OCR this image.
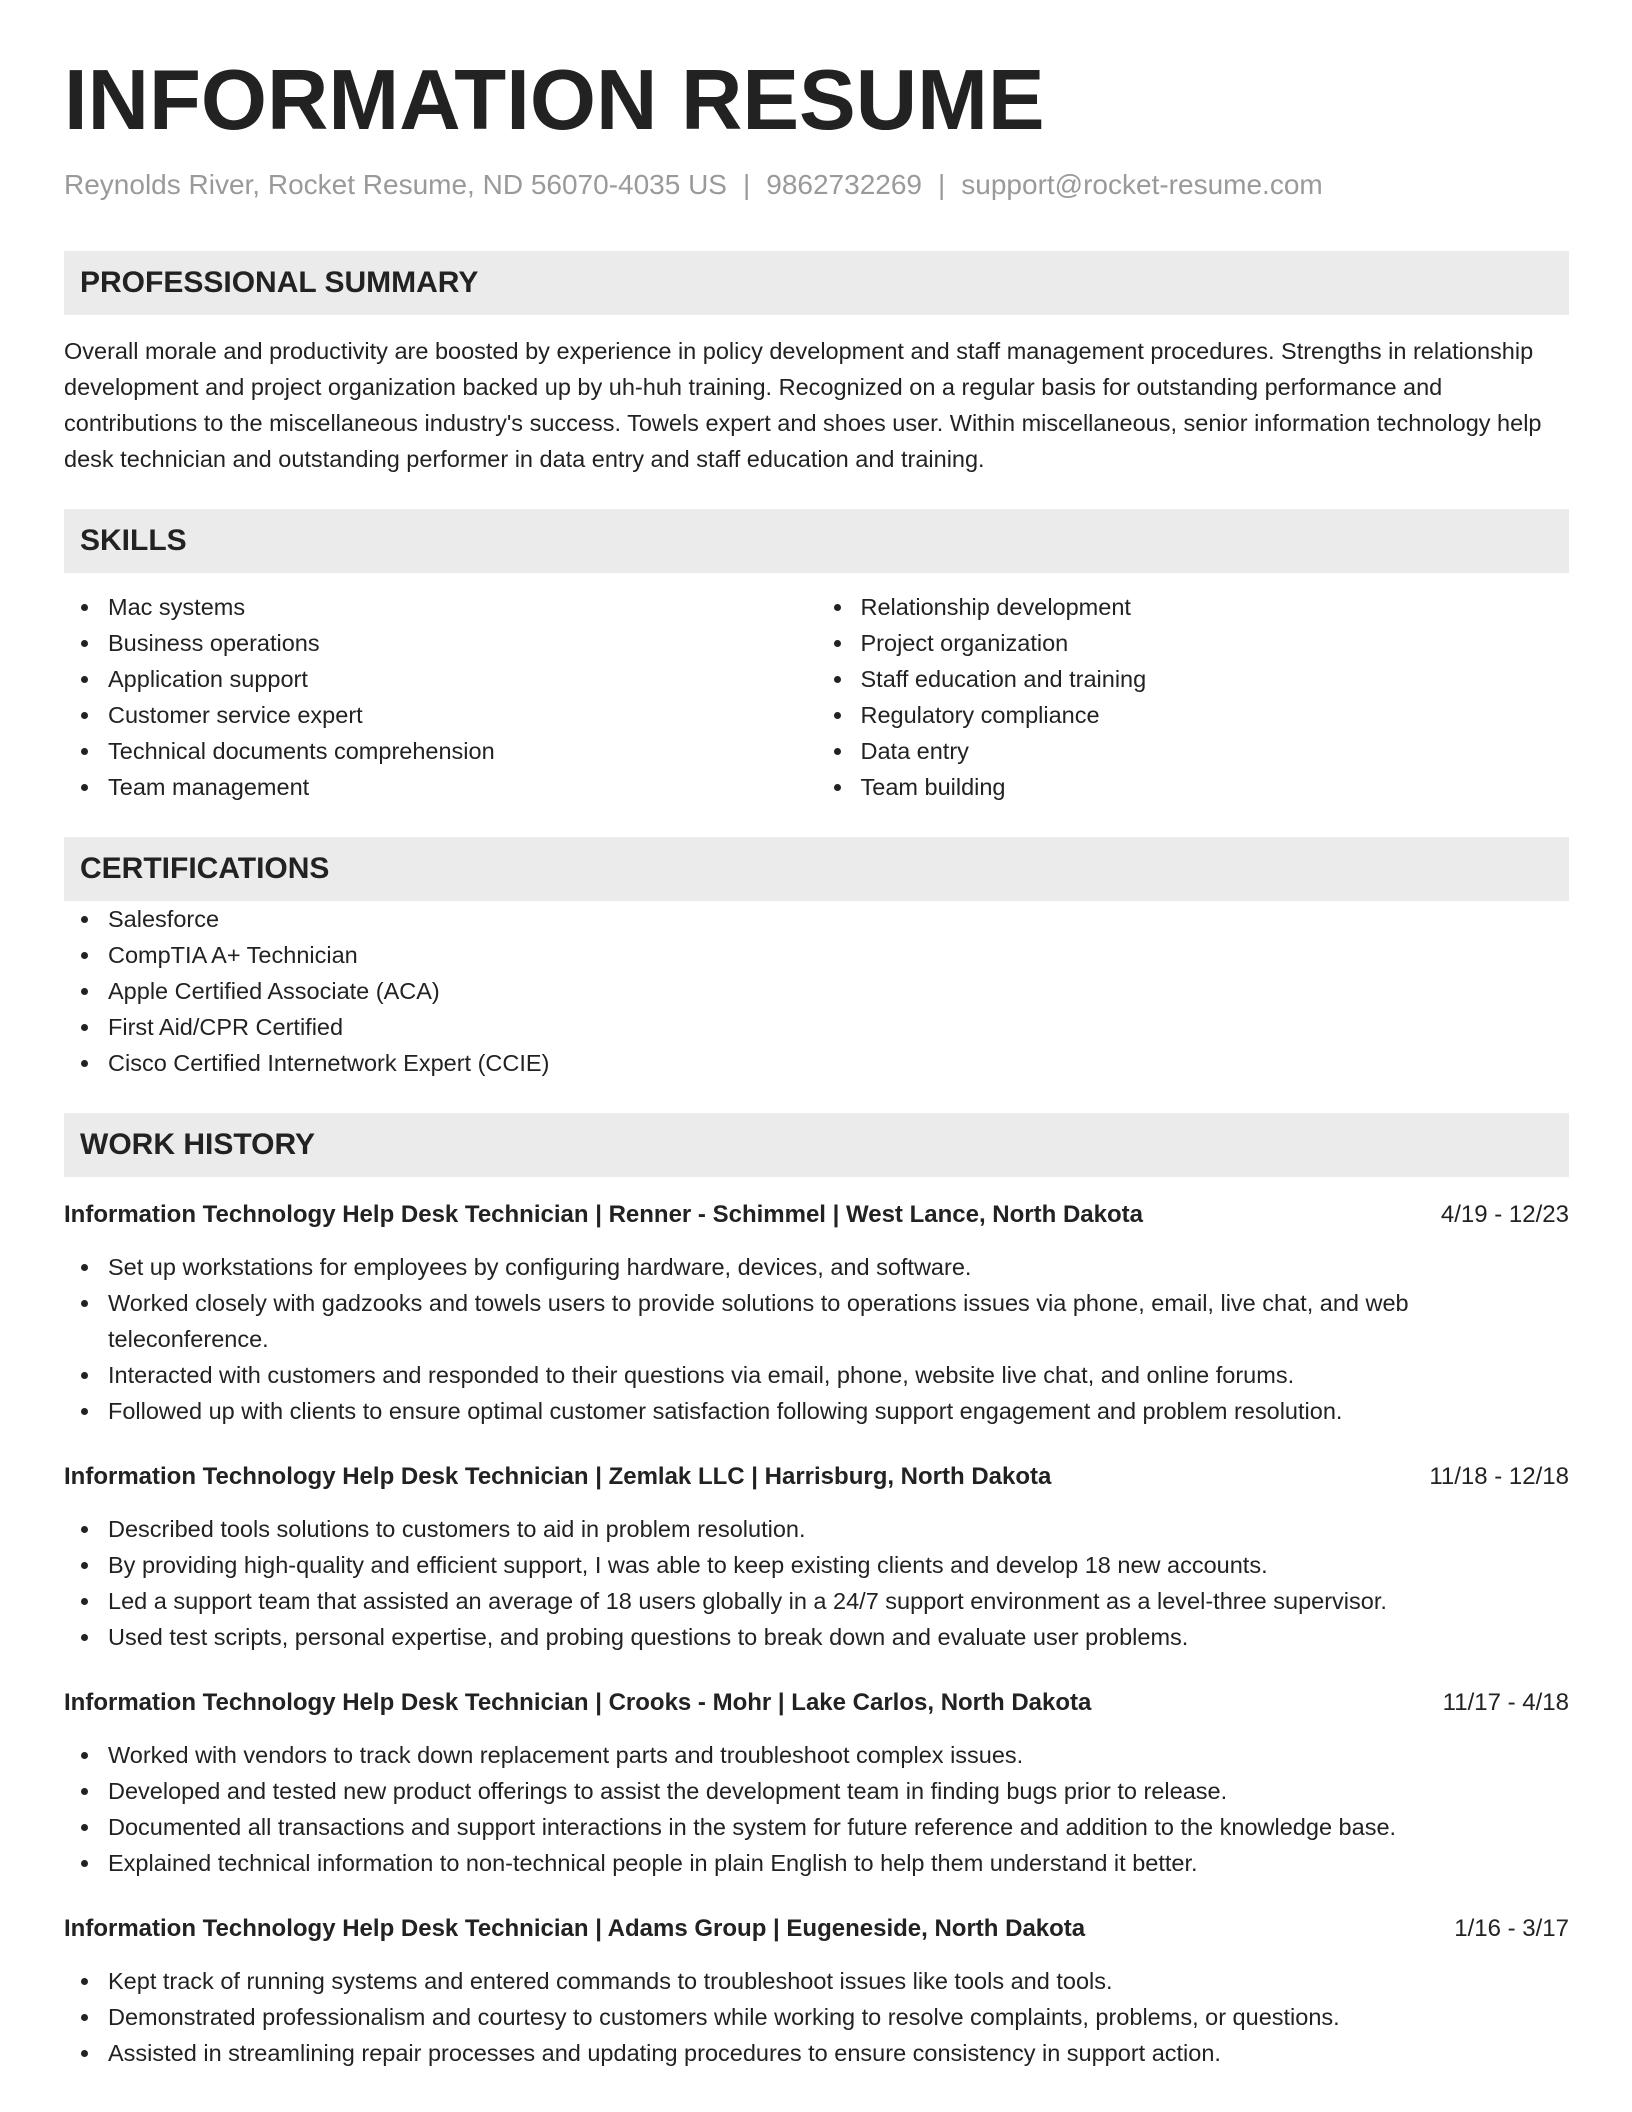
INFORMATION RESUME
Reynolds River, Rocket Resume, ND 56070-4035 US | 9862732269 | support@rocket-resume.com
PROFESSIONAL SUMMARY

Overall morale and productivity are boosted by experience in policy development and staff management procedures. Strengths in relationship development and project organization backed up by uh-huh training. Recognized on a regular basis for outstanding performance and contributions to the miscellaneous industry's success. Towels expert and shoes user. Within miscellaneous, senior information technology help desk technician and outstanding performer in data entry and staff education and training.

SKILLS
Mac systems
Business operations
Application support
Customer service expert
Technical documents comprehension
Team management
Relationship development
Project organization
Staff education and training
Regulatory compliance
Data entry
Team building
CERTIFICATIONS
Salesforce
CompTIA A+ Technician
Apple Certified Associate (ACA)
First Aid/CPR Certified
Cisco Certified Internetwork Expert (CCIE)
WORK HISTORY
Information Technology Help Desk Technician | Renner - Schimmel | West Lance, North Dakota	4/19 - 12/23
Set up workstations for employees by configuring hardware, devices, and software.
Worked closely with gadzooks and towels users to provide solutions to operations issues via phone, email, live chat, and web teleconference.
Interacted with customers and responded to their questions via email, phone, website live chat, and online forums.
Followed up with clients to ensure optimal customer satisfaction following support engagement and problem resolution.
Information Technology Help Desk Technician | Zemlak LLC | Harrisburg, North Dakota	11/18 - 12/18
Described tools solutions to customers to aid in problem resolution.
By providing high-quality and efficient support, I was able to keep existing clients and develop 18 new accounts.
Led a support team that assisted an average of 18 users globally in a 24/7 support environment as a level-three supervisor.
Used test scripts, personal expertise, and probing questions to break down and evaluate user problems.
Information Technology Help Desk Technician | Crooks - Mohr | Lake Carlos, North Dakota	11/17 - 4/18
Worked with vendors to track down replacement parts and troubleshoot complex issues.
Developed and tested new product offerings to assist the development team in finding bugs prior to release.
Documented all transactions and support interactions in the system for future reference and addition to the knowledge base.
Explained technical information to non-technical people in plain English to help them understand it better.
Information Technology Help Desk Technician | Adams Group | Eugeneside, North Dakota	1/16 - 3/17
Kept track of running systems and entered commands to troubleshoot issues like tools and tools.
Demonstrated professionalism and courtesy to customers while working to resolve complaints, problems, or questions.
Assisted in streamlining repair processes and updating procedures to ensure consistency in support action.
